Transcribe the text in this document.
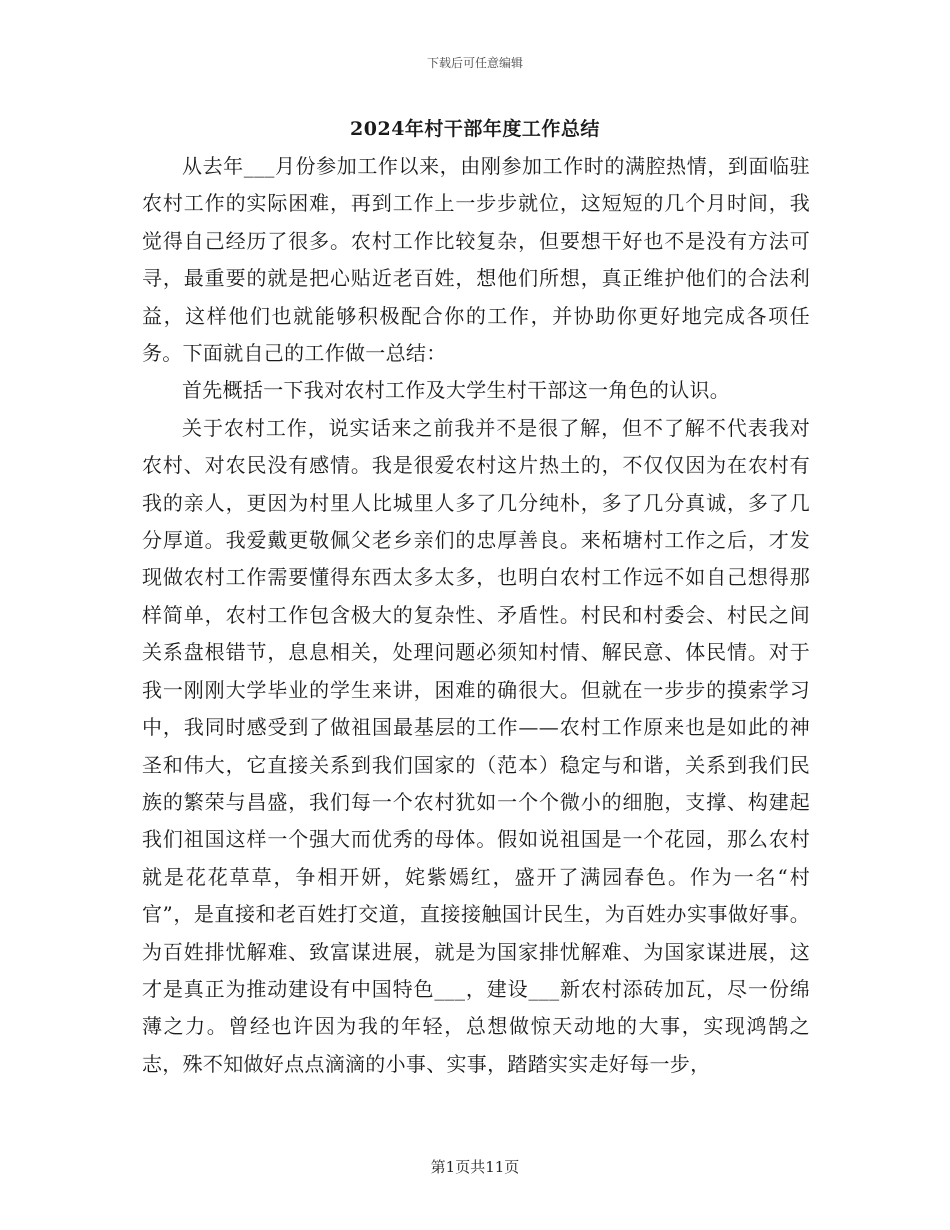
下载后可任意编辑
2024年村干部年度工作总结

从去年___月份参加工作以来，由刚参加工作时的满腔热情，到面临驻农村工作的实际困难，再到工作上一步步就位，这短短的几个月时间，我觉得自己经历了很多。农村工作比较复杂，但要想干好也不是没有方法可寻，最重要的就是把心贴近老百姓，想他们所想，真正维护他们的合法利益，这样他们也就能够积极配合你的工作，并协助你更好地完成各项任务。下面就自己的工作做一总结：

首先概括一下我对农村工作及大学生村干部这一角色的认识。

关于农村工作，说实话来之前我并不是很了解，但不了解不代表我对农村、对农民没有感情。我是很爱农村这片热土的，不仅仅因为在农村有我的亲人，更因为村里人比城里人多了几分纯朴，多了几分真诚，多了几分厚道。我爱戴更敬佩父老乡亲们的忠厚善良。来柘塘村工作之后，才发现做农村工作需要懂得东西太多太多，也明白农村工作远不如自己想得那样简单，农村工作包含极大的复杂性、矛盾性。村民和村委会、村民之间关系盘根错节，息息相关，处理问题必须知村情、解民意、体民情。对于我一刚刚大学毕业的学生来讲，困难的确很大。但就在一步步的摸索学习中，我同时感受到了做祖国最基层的工作——农村工作原来也是如此的神圣和伟大，它直接关系到我们国家的（范本）稳定与和谐，关系到我们民族的繁荣与昌盛，我们每一个农村犹如一个个微小的细胞，支撑、构建起我们祖国这样一个强大而优秀的母体。假如说祖国是一个花园，那么农村就是花花草草，争相开妍，姹紫嫣红，盛开了满园春色。作为一名“村官”，是直接和老百姓打交道，直接接触国计民生，为百姓办实事做好事。为百姓排忧解难、致富谋进展，就是为国家排忧解难、为国家谋进展，这才是真正为推动建设有中国特色___，建设___新农村添砖加瓦，尽一份绵薄之力。曾经也许因为我的年轻，总想做惊天动地的大事，实现鸿鹄之志，殊不知做好点点滴滴的小事、实事，踏踏实实走好每一步，

第1页共11页
